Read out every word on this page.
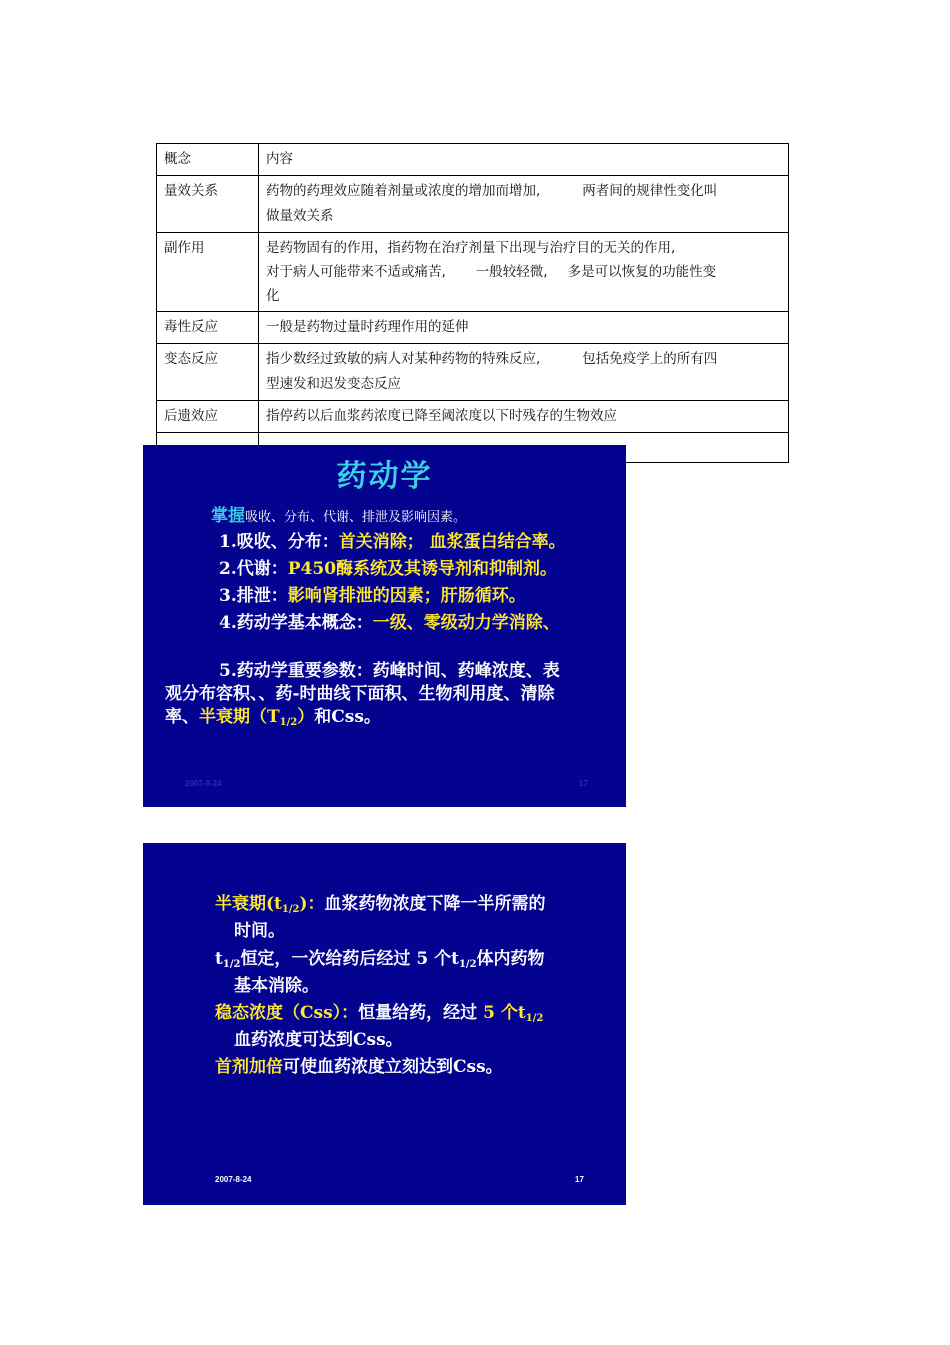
概念	内容
量效关系	药物的药理效应随着剂量或浓度的增加而增加, 两者间的规律性变化叫
做量效关系
副作用	是药物固有的作用，指药物在治疗剂量下出现与治疗目的无关的作用,
对于病人可能带来不适或痛苦, 一般较轻微, 多是可以恢复的功能性变
化
毒性反应	一般是药物过量时药理作用的延伸
变态反应	指少数经过致敏的病人对某种药物的特殊反应, 包括免疫学上的所有四
型速发和迟发变态反应
后遗效应	指停药以后血浆药浓度已降至阈浓度以下时残存的生物效应

药动学
掌握吸收、分布、代谢、排泄及影响因素。
1.吸收、分布：首关消除； 血浆蛋白结合率。
2.代谢：P450酶系统及其诱导剂和抑制剂。
3.排泄：影响肾排泄的因素；肝肠循环。
4.药动学基本概念：一级、零级动力学消除、
5.药动学重要参数：药峰时间、药峰浓度、表
观分布容积、、药-时曲线下面积、生物利用度、清除
率、半衰期$(T_{1/2})$和Css。
2007-8-24	17
半衰期$(t_{1/2})$：血浆药物浓度下降一半所需的
时间。
$t_{1/2}$恒定，一次给药后经过 5 个$t_{1/2}$体内药物
基本消除。
稳态浓度（Css）：恒量给药，经过 5 个$t_{1/2}$
血药浓度可达到Css。
首剂加倍可使血药浓度立刻达到Css。
2007-8-24	17
